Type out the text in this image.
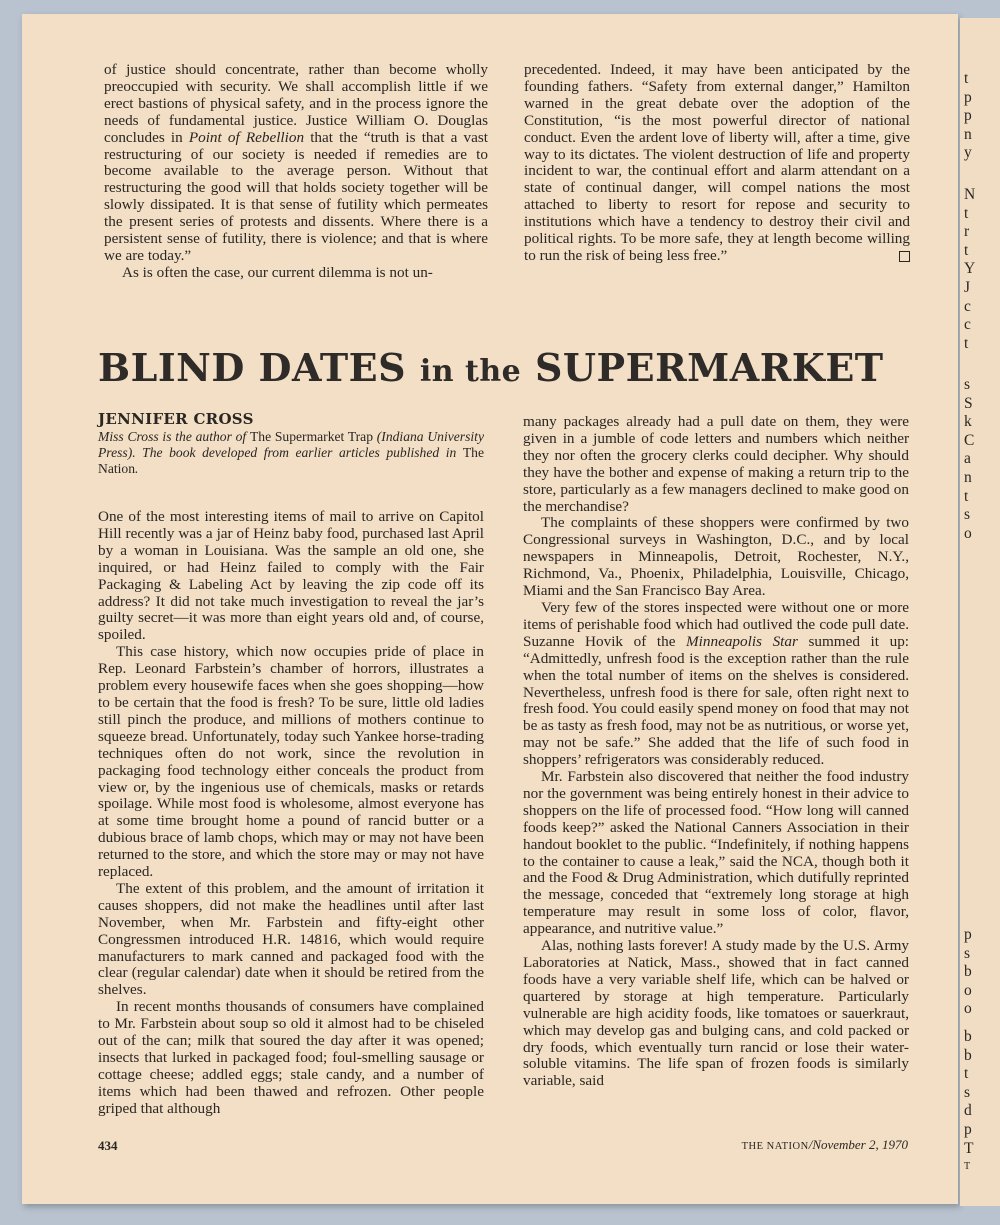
t
p
p
n
y
N
t
r
t
Y
J
c
c
t
s
S
k
C
a
n
t
s
o
p
s
b
o
o
b
b
t
s
d
p
T
T

of justice should concentrate, rather than become wholly preoccupied with security. We shall accomplish little if we erect bastions of physical safety, and in the process ignore the needs of fundamental justice. Justice William O. Douglas concludes in Point of Rebellion that the “truth is that a vast restructuring of our society is needed if remedies are to become available to the average person. Without that restructuring the good will that holds society together will be slowly dissipated. It is that sense of futility which permeates the present series of protests and dissents. Where there is a persistent sense of futility, there is violence; and that is where we are today.”

As is often the case, our current dilemma is not un-

precedented. Indeed, it may have been anticipated by the founding fathers. “Safety from external danger,” Hamilton warned in the great debate over the adoption of the Constitution, “is the most powerful director of national conduct. Even the ardent love of liberty will, after a time, give way to its dictates. The violent destruction of life and property incident to war, the continual effort and alarm attendant on a state of continual danger, will compel nations the most attached to liberty to resort for repose and security to institutions which have a tendency to destroy their civil and political rights. To be more safe, they at length become willing to run the risk of being less free.”

BLIND DATES in the SUPERMARKET
JENNIFER CROSS
Miss Cross is the author of The Supermarket Trap (Indiana University Press). The book developed from earlier articles published in The Nation.

One of the most interesting items of mail to arrive on Capitol Hill recently was a jar of Heinz baby food, purchased last April by a woman in Louisiana. Was the sample an old one, she inquired, or had Heinz failed to comply with the Fair Packaging & Labeling Act by leaving the zip code off its address? It did not take much investigation to reveal the jar’s guilty secret—it was more than eight years old and, of course, spoiled.

This case history, which now occupies pride of place in Rep. Leonard Farbstein’s chamber of horrors, illustrates a problem every housewife faces when she goes shopping—how to be certain that the food is fresh? To be sure, little old ladies still pinch the produce, and millions of mothers continue to squeeze bread. Unfortunately, today such Yankee horse-trading techniques often do not work, since the revolution in packaging food technology either conceals the product from view or, by the ingenious use of chemicals, masks or retards spoilage. While most food is wholesome, almost everyone has at some time brought home a pound of rancid butter or a dubious brace of lamb chops, which may or may not have been returned to the store, and which the store may or may not have replaced.

The extent of this problem, and the amount of irritation it causes shoppers, did not make the headlines until after last November, when Mr. Farbstein and fifty-eight other Congressmen introduced H.R. 14816, which would require manufacturers to mark canned and packaged food with the clear (regular calendar) date when it should be retired from the shelves.

In recent months thousands of consumers have complained to Mr. Farbstein about soup so old it almost had to be chiseled out of the can; milk that soured the day after it was opened; insects that lurked in packaged food; foul-smelling sausage or cottage cheese; addled eggs; stale candy, and a number of items which had been thawed and refrozen. Other people griped that although

many packages already had a pull date on them, they were given in a jumble of code letters and numbers which neither they nor often the grocery clerks could decipher. Why should they have the bother and expense of making a return trip to the store, particularly as a few managers declined to make good on the merchandise?

The complaints of these shoppers were confirmed by two Congressional surveys in Washington, D.C., and by local newspapers in Minneapolis, Detroit, Rochester, N.Y., Richmond, Va., Phoenix, Philadelphia, Louisville, Chicago, Miami and the San Francisco Bay Area.

Very few of the stores inspected were without one or more items of perishable food which had outlived the code pull date. Suzanne Hovik of the Minneapolis Star summed it up: “Admittedly, unfresh food is the exception rather than the rule when the total number of items on the shelves is considered. Nevertheless, unfresh food is there for sale, often right next to fresh food. You could easily spend money on food that may not be as tasty as fresh food, may not be as nutritious, or worse yet, may not be safe.” She added that the life of such food in shoppers’ refrigerators was considerably reduced.

Mr. Farbstein also discovered that neither the food industry nor the government was being entirely honest in their advice to shoppers on the life of processed food. “How long will canned foods keep?” asked the National Canners Association in their handout booklet to the public. “Indefinitely, if nothing happens to the container to cause a leak,” said the NCA, though both it and the Food & Drug Administration, which dutifully reprinted the message, conceded that “extremely long storage at high temperature may result in some loss of color, flavor, appearance, and nutritive value.”

Alas, nothing lasts forever! A study made by the U.S. Army Laboratories at Natick, Mass., showed that in fact canned foods have a very variable shelf life, which can be halved or quartered by storage at high temperature. Particularly vulnerable are high acidity foods, like tomatoes or sauerkraut, which may develop gas and bulging cans, and cold packed or dry foods, which eventually turn rancid or lose their water-soluble vitamins. The life span of frozen foods is similarly variable, said

434	THE NATION/November 2, 1970
